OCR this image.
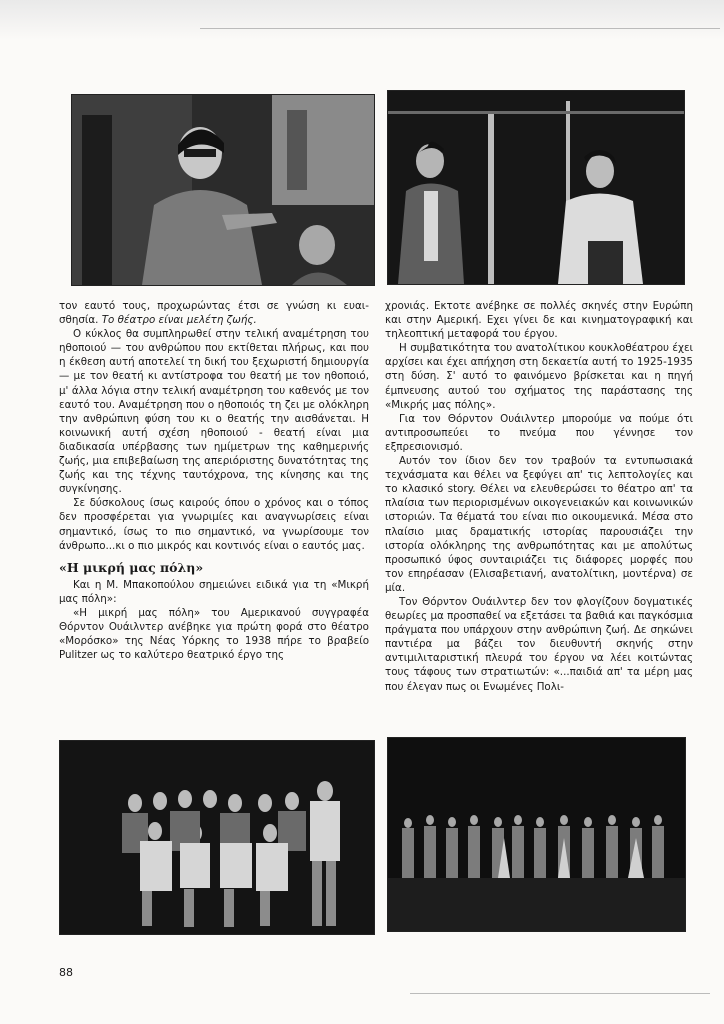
τον εαυτό τους, προχωρώντας έτσι σε γνώση κι ευαι-σθησία. Το θέατρο είναι μελέτη ζωής.

Ο κύκλος θα συμπληρωθεί στην τελική αναμέτρηση του ηθοποιού — του ανθρώπου που εκτίθεται πλήρως, και που η έκθεση αυτή αποτελεί τη δική του ξεχωριστή δημιουργία — με τον θεατή κι αντίστροφα του θεατή με τον ηθοποιό, μ' άλλα λόγια στην τελική αναμέτρηση του καθενός με τον εαυτό του. Αναμέτρηση που ο ηθοποιός τη ζει με ολόκληρη την ανθρώπινη φύση του κι ο θεατής την αισθάνεται. Η κοινωνική αυτή σχέση ηθοποιού - θεατή είναι μια διαδικασία υπέρβασης των ημίμετρων της καθημερινής ζωής, μια επιβεβαίωση της απεριόριστης δυνατότητας της ζωής και της τέχνης ταυτόχρονα, της κίνησης και της συγκίνησης.

Σε δύσκολους ίσως καιρούς όπου ο χρόνος και ο τόπος δεν προσφέρεται για γνωριμίες και αναγνωρίσεις είναι σημαντικό, ίσως το πιο σημαντικό, να γνωρίσουμε τον άνθρωπο...κι ο πιο μικρός και κοντινός είναι ο εαυτός μας.

«Η μικρή μας πόλη»

Και η Μ. Μπακοπούλου σημειώνει ειδικά για τη «Μικρή μας πόλη»:

«Η μικρή μας πόλη» του Αμερικανού συγγραφέα Θόρντον Ουάιλντερ ανέβηκε για πρώτη φορά στο θέατρο «Μορόσκο» της Νέας Υόρκης το 1938 πήρε το βραβείο Pulitzer ως το καλύτερο θεατρικό έργο της

χρονιάς. Εκτοτε ανέβηκε σε πολλές σκηνές στην Ευρώπη και στην Αμερική. Εχει γίνει δε και κινηματογραφική και τηλεοπτική μεταφορά του έργου.

Η συμβατικότητα του ανατολίτικου κουκλοθέατρου έχει αρχίσει και έχει απήχηση στη δεκαετία αυτή το 1925-1935 στη δύση. Σ' αυτό το φαινόμενο βρίσκεται και η πηγή έμπνευσης αυτού του σχήματος της παράστασης της «Μικρής μας πόλης».

Για τον Θόρντον Ουάιλντερ μπορούμε να πούμε ότι αντιπροσωπεύει το πνεύμα που γέννησε τον εξπρεσιονισμό.

Αυτόν τον ίδιον δεν τον τραβούν τα εντυπωσιακά τεχνάσματα και θέλει να ξεφύγει απ' τις λεπτολογίες και το κλασικό story. Θέλει να ελευθερώσει το θέατρο απ' τα πλαίσια των περιορισμένων οικογενειακών και κοινωνικών ιστοριών. Τα θέματά του είναι πιο οικουμενικά. Μέσα στο πλαίσιο μιας δραματικής ιστορίας παρουσιάζει την ιστορία ολόκληρης της ανθρωπότητας και με απολύτως προσωπικό ύφος συνταιριάζει τις διάφορες μορφές που τον επηρέασαν (Ελισαβετιανή, ανατολίτικη, μοντέρνα) σε μία.

Τον Θόρντον Ουάιλντερ δεν τον φλογίζουν δογματικές θεωρίες μα προσπαθεί να εξετάσει τα βαθιά και παγκόσμια πράγματα που υπάρχουν στην ανθρώπινη ζωή. Δε σηκώνει παντιέρα μα βάζει τον διευθυντή σκηνής στην αντιμιλιταριστική πλευρά του έργου να λέει κοιτώντας τους τάφους των στρατιωτών: «...παιδιά απ' τα μέρη μας που έλεγαν πως οι Ενωμένες Πολι-

88
